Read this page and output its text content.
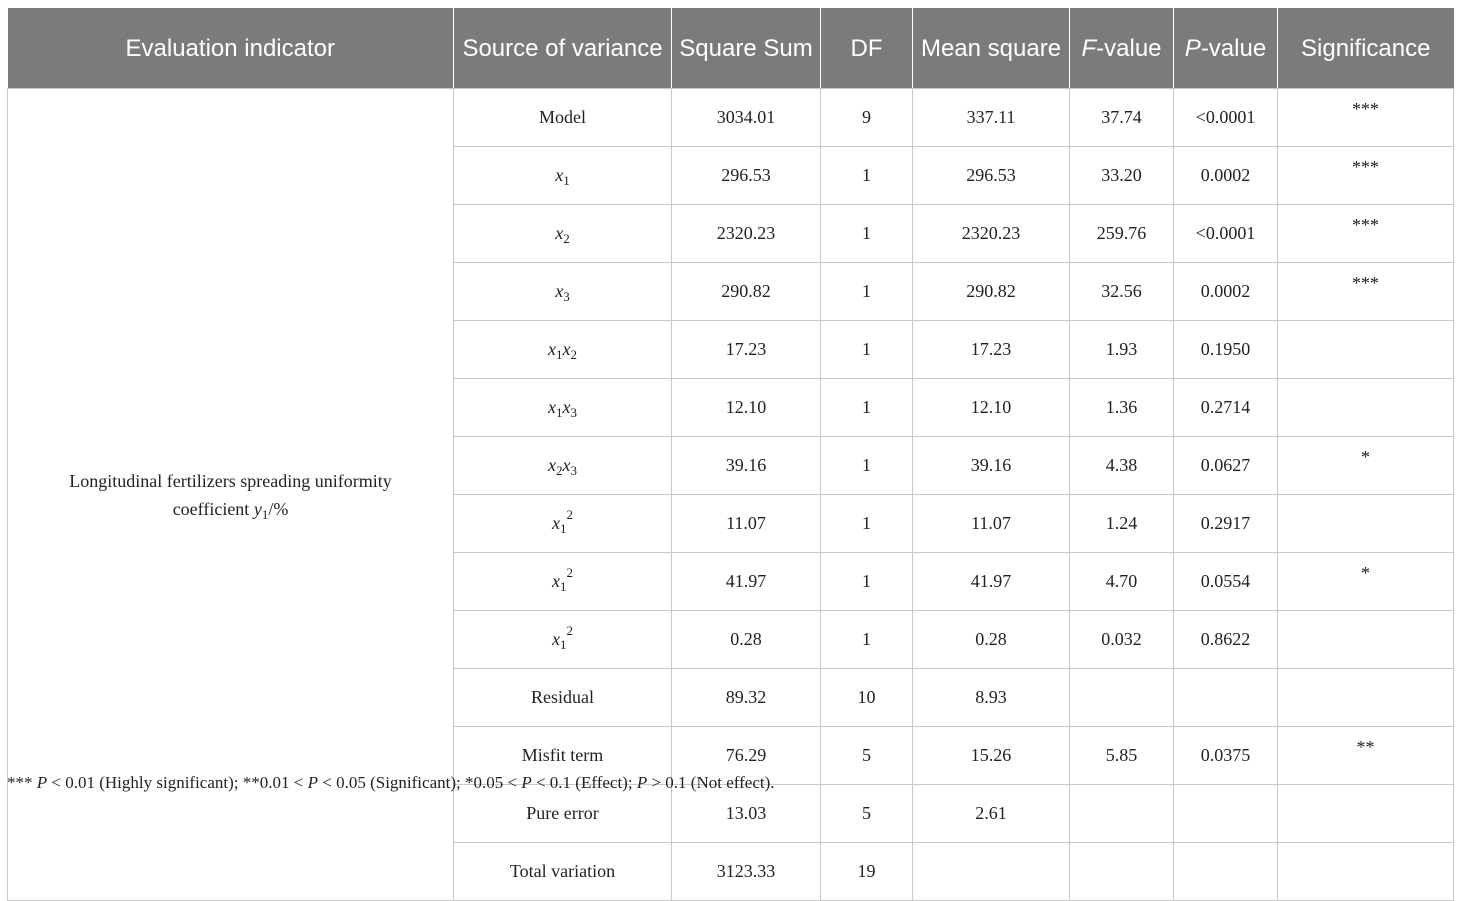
Evaluation indicator	Source of variance	Square Sum	DF	Mean square	F-value	P-value	Significance
Longitudinal fertilizers spreading uniformity
coefficient $y_1/\%$	Model	3034.01	9	337.11	37.74	<0.0001	***
	$x_1$	296.53	1	296.53	33.20	0.0002	***
	$x_2$	2320.23	1	2320.23	259.76	<0.0001	***
	$x_3$	290.82	1	290.82	32.56	0.0002	***
	$x_1x_2$	17.23	1	17.23	1.93	0.1950	
	$x_1x_3$	12.10	1	12.10	1.36	0.2714	
	$x_2x_3$	39.16	1	39.16	4.38	0.0627	*
	$x_1^2$	11.07	1	11.07	1.24	0.2917	
	$x_1^2$	41.97	1	41.97	4.70	0.0554	*
	$x_1^2$	0.28	1	0.28	0.032	0.8622	
	Residual	89.32	10	8.93			
	Misfit term	76.29	5	15.26	5.85	0.0375	**
	Pure error	13.03	5	2.61			
	Total variation	3123.33	19				
*** P < 0.01 (Highly significant); **0.01 < P < 0.05 (Significant); *0.05 < P < 0.1 (Effect); P > 0.1 (Not effect).
